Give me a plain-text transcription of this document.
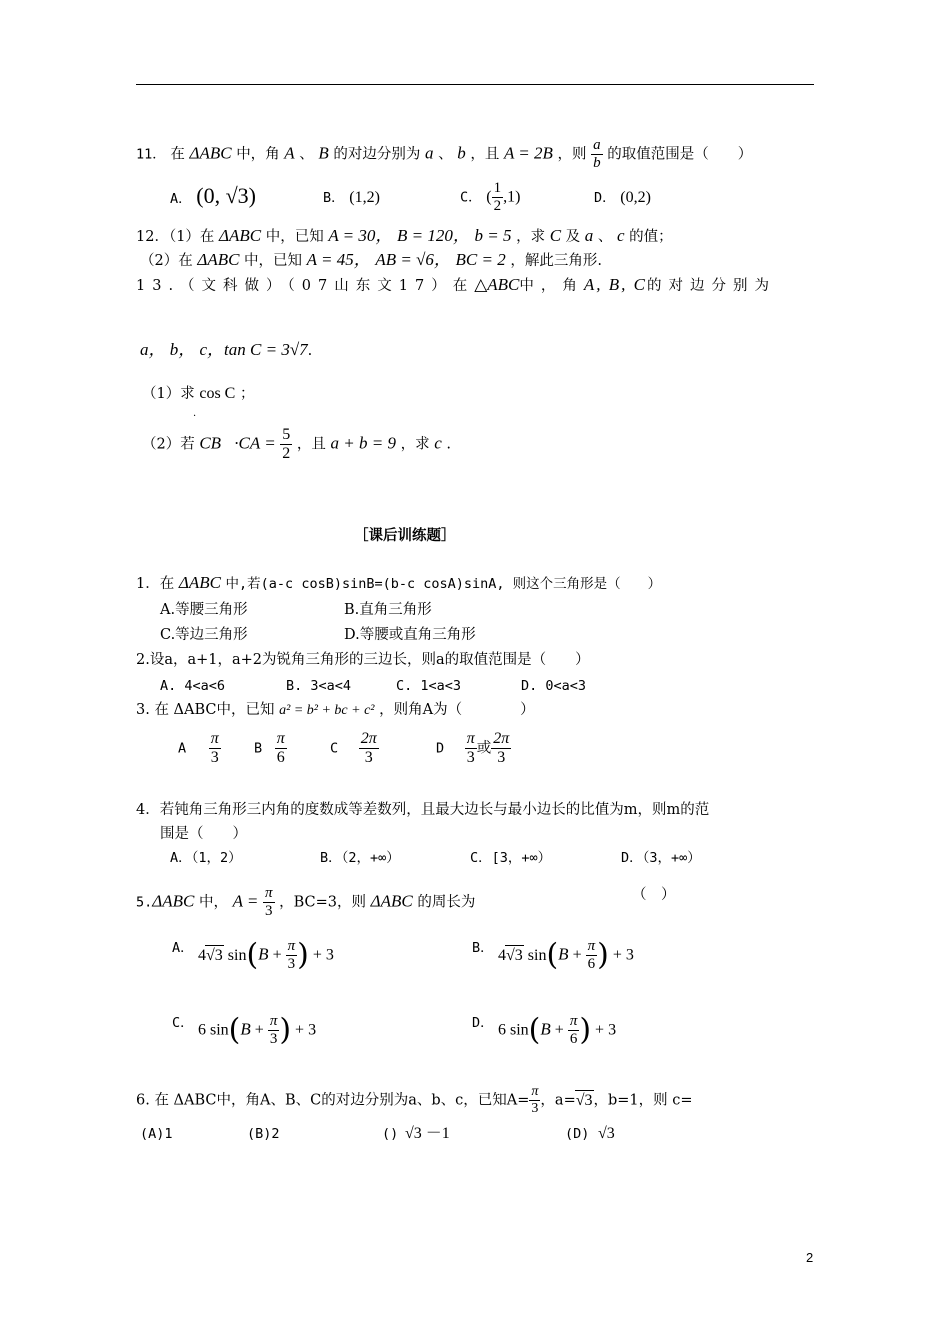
11． 在 ΔABC 中，角 A 、 B 的对边分别为 a 、 b ，且 A = 2B ，则 $\frac{a}{b}$ 的取值范围是（　　）
A． (0, √3)	B． (1,2)	C． ( $\frac{1}{2} ,1$)	D． (0,2)
12．（1）在 ΔABC 中，已知 A = 30， B = 120， b = 5 ，求 C 及 a 、 c 的值；
（2）在 ΔABC 中，已知 A = 45， AB = √6， BC = 2 ，解此三角形.
13.（文科做）（07山东文17）在△ABC中，角A, B, C的对边分别为
a， b， c，tan C = 3√7.
（1）求 cos C ；
·
（2）若 CB⃗·CA = $\frac{5}{2}$ ，且 a + b = 9 ，求 c .
［课后训练题］
1．在 ΔABC 中,若(a-c cosB)sinB=(b-c cosA)sinA, 则这个三角形是（　　）
A.等腰三角形	B.直角三角形
C.等边三角形	D.等腰或直角三角形
2.设a，a+1，a+2为锐角三角形的三边长，则a的取值范围是（　　）
A. 4<a<6	B. 3<a<4	C. 1<a<3	D. 0<a<3
3. 在 ΔABC中，已知 a² = b² + bc + c² ，则角A为（　　　　）
A $\frac{\pi}{3}$ B $\frac{\pi}{6}$	C $\frac{2\pi}{3}$	D $\frac{\pi}{3}$ 或 $\frac{2\pi}{3}$
4．若钝角三角形三内角的度数成等差数列，且最大边长与最小边长的比值为m，则m的范
围是（　　）
A．（1，2）	B．（2，+∞）	C．[3，+∞）	D．（3，+∞）
5.ΔABC 中， $A = \frac{\pi}{3}$ ，BC=3，则 ΔABC 的周长为	（　）
A． 4√3 $\sin(B + \frac{\pi}{3}$ ) + 3	B． 4√3 $\sin(B + \frac{\pi}{6}$ ) + 3
C． 6 $\sin(B + \frac{\pi}{3}$ ) + 3	D． 6 $\sin(B + \frac{\pi}{6}$ ) + 3
6. 在 ΔABC中，角A、B、C的对边分别为a、b、c，已知$A= \frac{\pi}{3}$ ，a=√3，b=1，则 c=
(A)1	(B)2	() √3 －1	(D) √3
2
